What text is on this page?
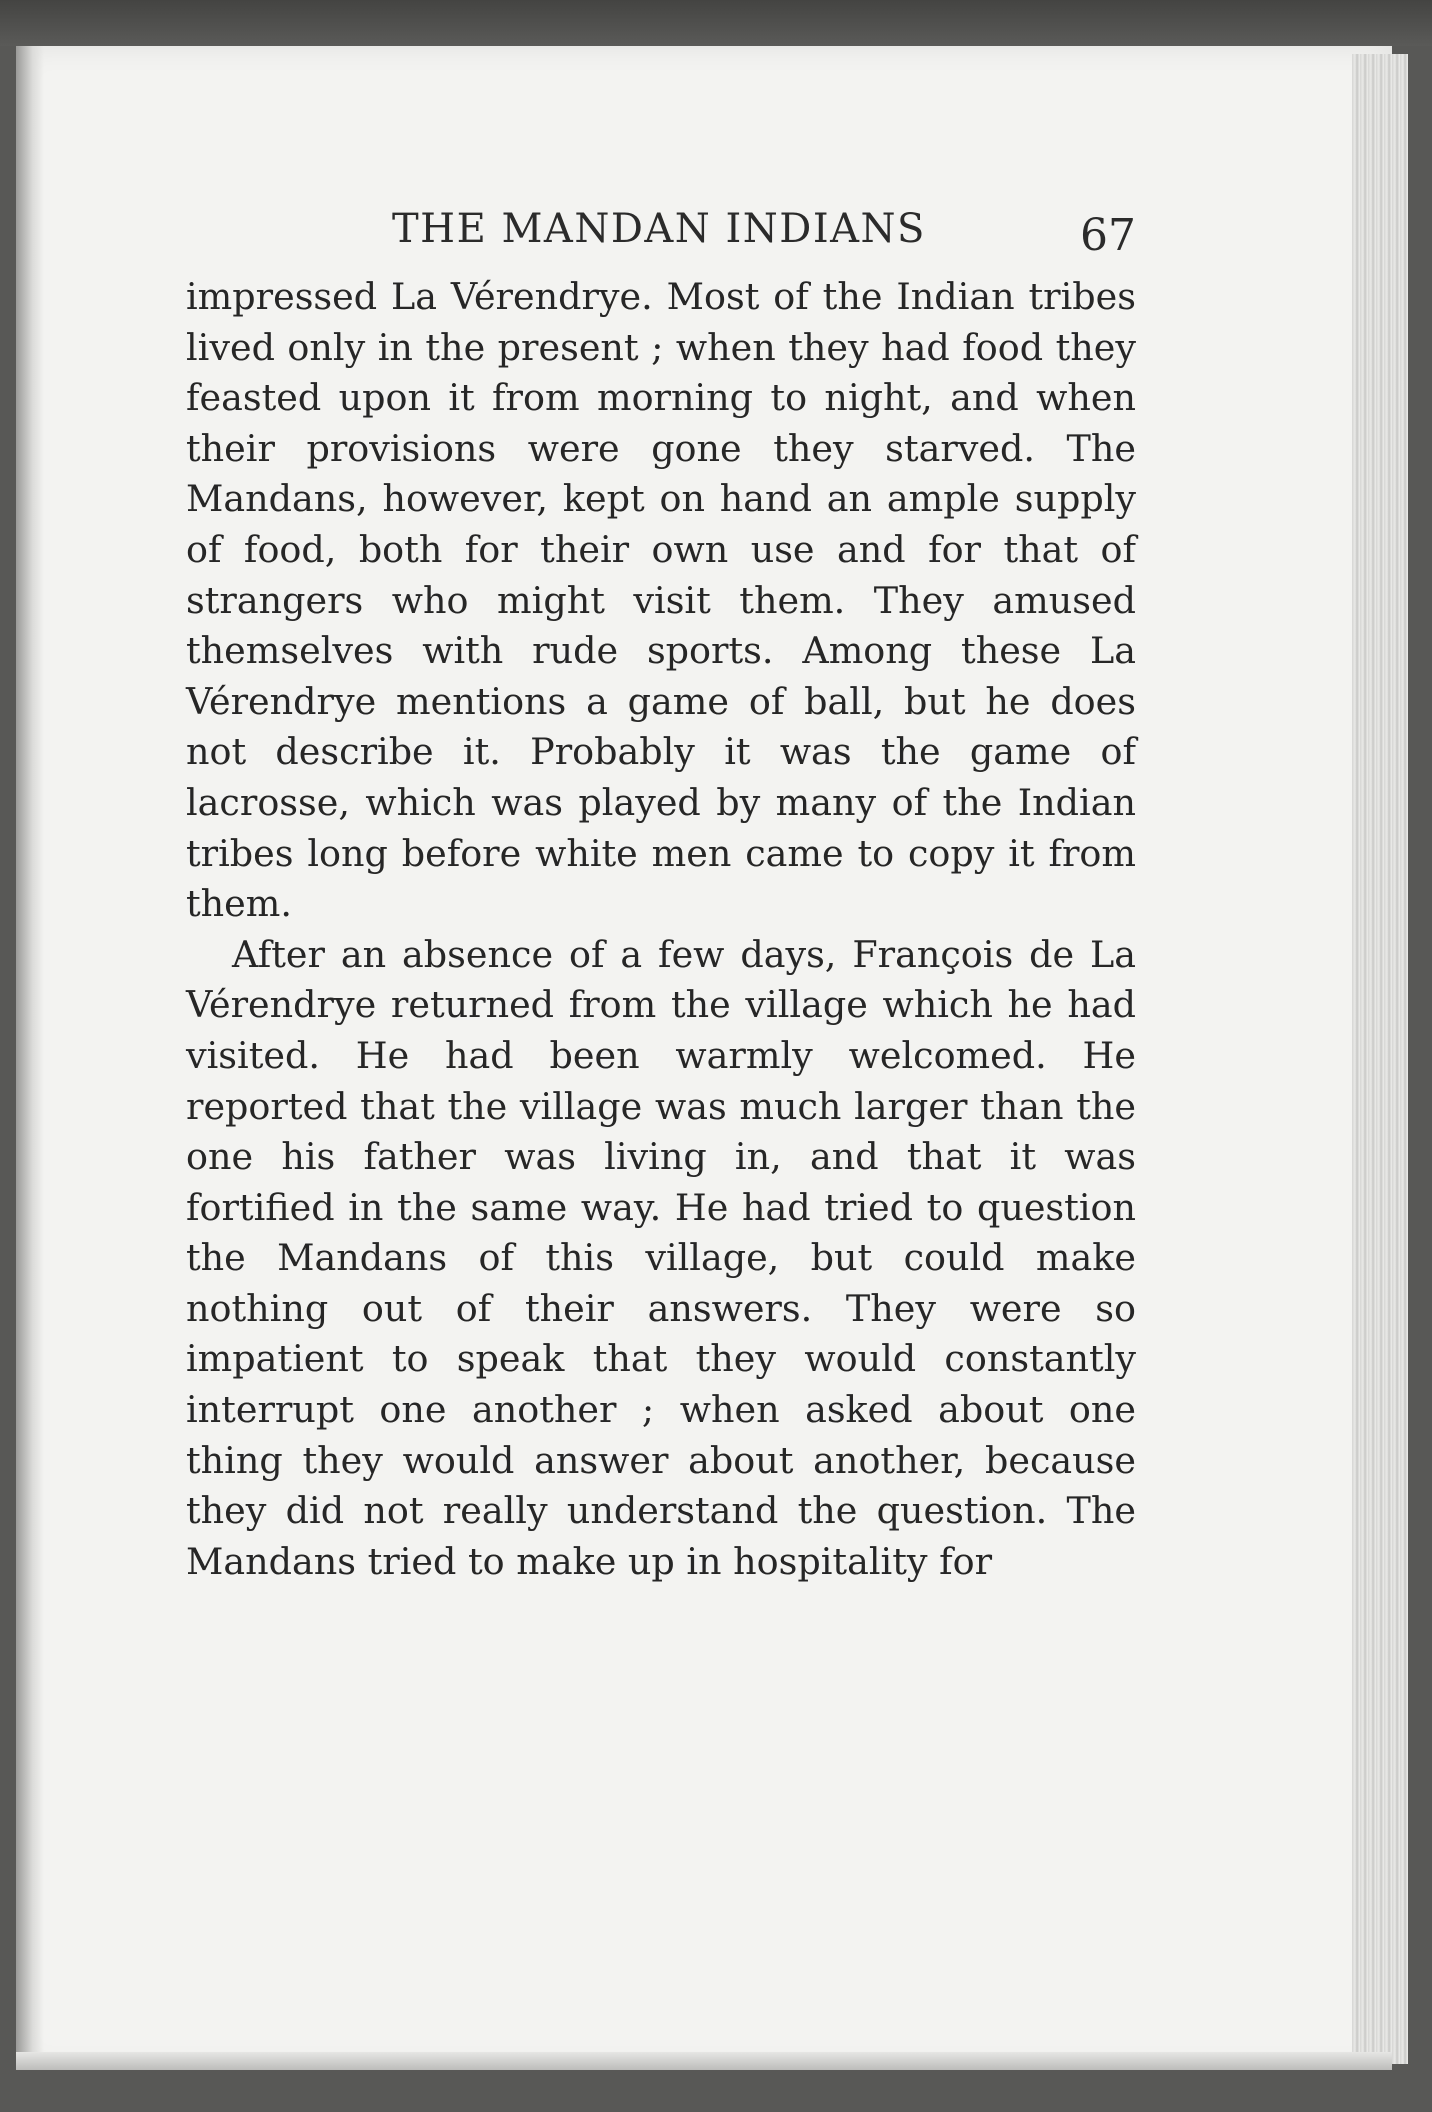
THE MANDAN INDIANS	67

impressed La Vérendrye. Most of the Indian tribes lived only in the present ; when they had food they feasted upon it from morning to night, and when their provisions were gone they starved. The Mandans, however, kept on hand an ample supply of food, both for their own use and for that of strangers who might visit them. They amused themselves with rude sports. Among these La Vérendrye mentions a game of ball, but he does not describe it. Probably it was the game of lacrosse, which was played by many of the Indian tribes long before white men came to copy it from them.

After an absence of a few days, François de La Vérendrye returned from the village which he had visited. He had been warmly welcomed. He reported that the village was much larger than the one his father was living in, and that it was fortified in the same way. He had tried to question the Mandans of this village, but could make nothing out of their answers. They were so impatient to speak that they would constantly interrupt one another ; when asked about one thing they would answer about another, because they did not really understand the question. The Mandans tried to make up in hospitality for
